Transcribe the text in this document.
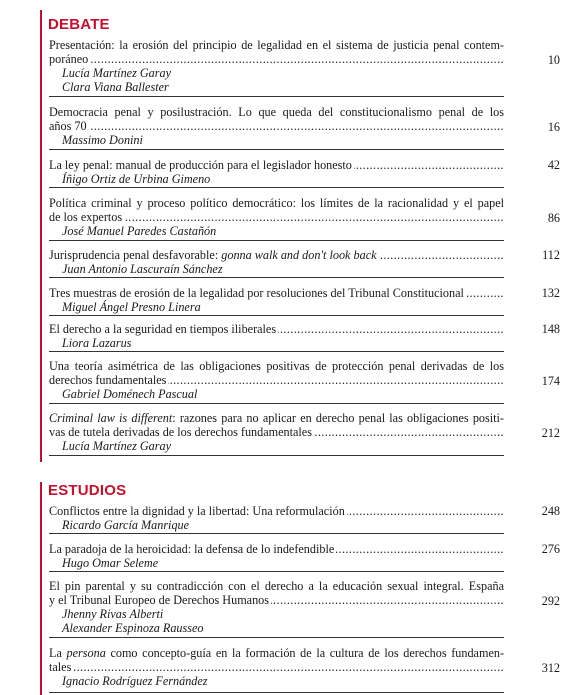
DEBATE
ESTUDIOS
Presentación: la erosión del principio de legalidad en el sistema de justicia penal contem-
.....
poráneo
Lucía Martínez Garay
Clara Viana Ballester
10
Democracia penal y posilustración. Lo que queda del constitucionalismo penal de los
.....
años 70
Massimo Donini
16
.....
La ley penal: manual de producción para el legislador honesto
Íñigo Ortiz de Urbina Gimeno
42
Política criminal y proceso político democrático: los límites de la racionalidad y el papel
.....
de los expertos
José Manuel Paredes Castañón
86
.....
Jurisprudencia penal desfavorable: gonna walk and don't look back
Juan Antonio Lascuraín Sánchez
112
.....
Tres muestras de erosión de la legalidad por resoluciones del Tribunal Constitucional
Miguel Ángel Presno Linera
132
.....
El derecho a la seguridad en tiempos iliberales
Liora Lazarus
148
Una teoría asimétrica de las obligaciones positivas de protección penal derivadas de los
.....
derechos fundamentales
Gabriel Doménech Pascual
174
Criminal law is different: razones para no aplicar en derecho penal las obligaciones positi-
.....
vas de tutela derivadas de los derechos fundamentales
Lucía Martínez Garay
212
.....
Conflictos entre la dignidad y la libertad: Una reformulación
Ricardo García Manrique
248
.....
La paradoja de la heroicidad: la defensa de lo indefendible
Hugo Omar Seleme
276
El pin parental y su contradicción con el derecho a la educación sexual integral. España
.....
y el Tribunal Europeo de Derechos Humanos
Jhenny Rivas Alberti
Alexander Espinoza Rausseo
292
La persona como concepto-guía en la formación de la cultura de los derechos fundamen-
.....
tales
Ignacio Rodríguez Fernández
312
